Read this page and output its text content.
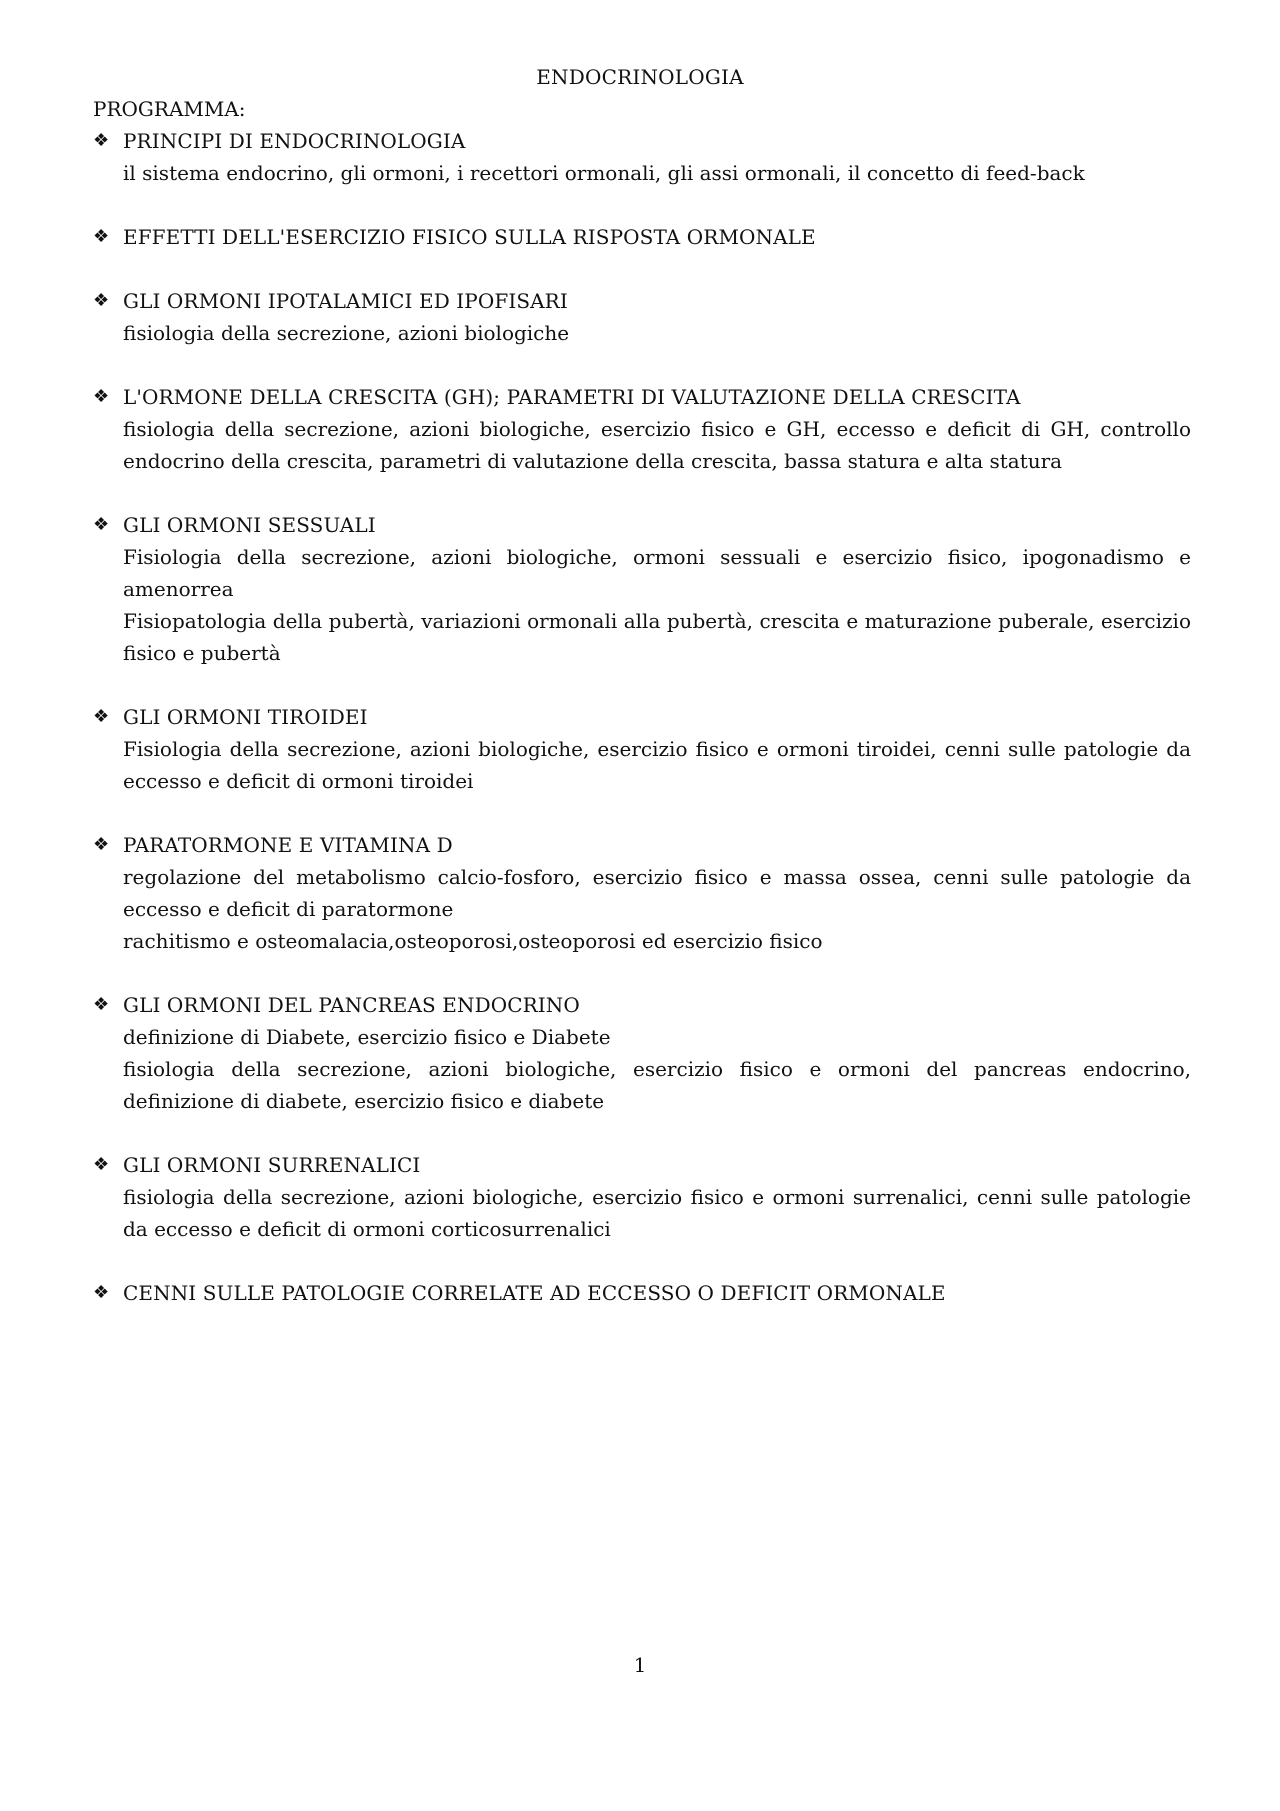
ENDOCRINOLOGIA

PROGRAMMA:

❖ PRINCIPI DI ENDOCRINOLOGIA

il sistema endocrino, gli ormoni, i recettori ormonali, gli assi ormonali, il concetto di feed-back

❖ EFFETTI DELL'ESERCIZIO FISICO SULLA RISPOSTA ORMONALE
❖ GLI ORMONI IPOTALAMICI ED IPOFISARI

fisiologia della secrezione, azioni biologiche

❖ L'ORMONE DELLA CRESCITA (GH); PARAMETRI DI VALUTAZIONE DELLA CRESCITA

fisiologia della secrezione, azioni biologiche, esercizio fisico e GH, eccesso e deficit di GH, controllo endocrino della crescita, parametri di valutazione della crescita, bassa statura e alta statura

❖ GLI ORMONI SESSUALI

Fisiologia della secrezione, azioni biologiche, ormoni sessuali e esercizio fisico, ipogonadismo e amenorrea

Fisiopatologia della pubertà, variazioni ormonali alla pubertà, crescita e maturazione puberale, esercizio fisico e pubertà

❖ GLI ORMONI TIROIDEI

Fisiologia della secrezione, azioni biologiche, esercizio fisico e ormoni tiroidei, cenni sulle patologie da eccesso e deficit di ormoni tiroidei

❖ PARATORMONE E VITAMINA D

regolazione del metabolismo calcio-fosforo, esercizio fisico e massa ossea, cenni sulle patologie da eccesso e deficit di paratormone

rachitismo e osteomalacia,osteoporosi,osteoporosi ed esercizio fisico

❖ GLI ORMONI DEL PANCREAS ENDOCRINO

definizione di Diabete, esercizio fisico e Diabete

fisiologia della secrezione, azioni biologiche, esercizio fisico e ormoni del pancreas endocrino, definizione di diabete, esercizio fisico e diabete

❖ GLI ORMONI SURRENALICI

fisiologia della secrezione, azioni biologiche, esercizio fisico e ormoni surrenalici, cenni sulle patologie da eccesso e deficit di ormoni corticosurrenalici

❖ CENNI SULLE PATOLOGIE CORRELATE AD ECCESSO O DEFICIT ORMONALE
1
